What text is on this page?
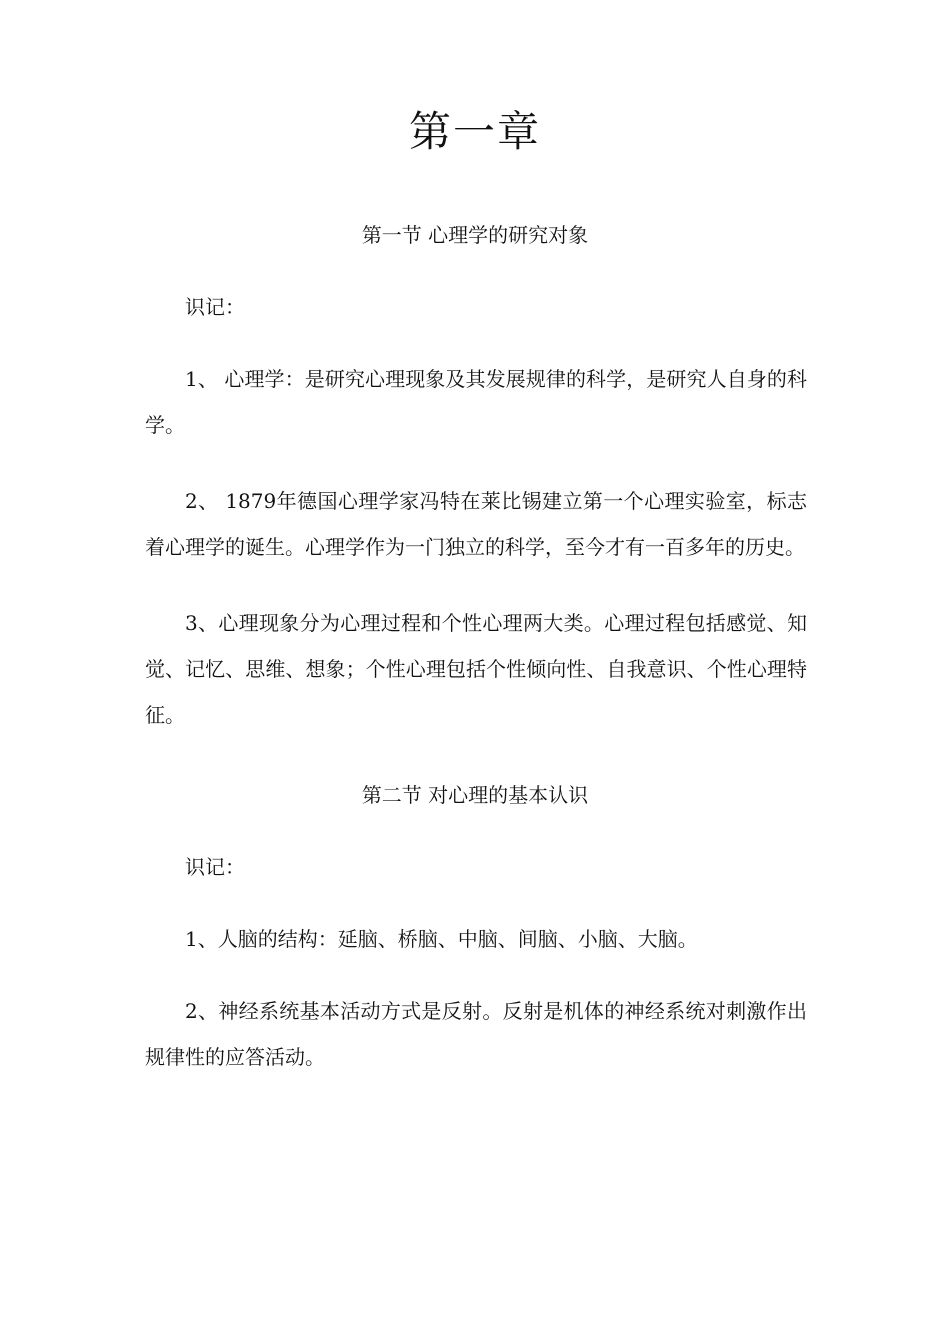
第一章
第一节 心理学的研究对象

识记：

1、 心理学：是研究心理现象及其发展规律的科学，是研究人自身的科学。

2、 1879年德国心理学家冯特在莱比锡建立第一个心理实验室，标志着心理学的诞生。心理学作为一门独立的科学，至今才有一百多年的历史。

3、心理现象分为心理过程和个性心理两大类。心理过程包括感觉、知觉、记忆、思维、想象；个性心理包括个性倾向性、自我意识、个性心理特征。

第二节 对心理的基本认识

识记：

1、人脑的结构：延脑、桥脑、中脑、间脑、小脑、大脑。

2、神经系统基本活动方式是反射。反射是机体的神经系统对刺激作出规律性的应答活动。
